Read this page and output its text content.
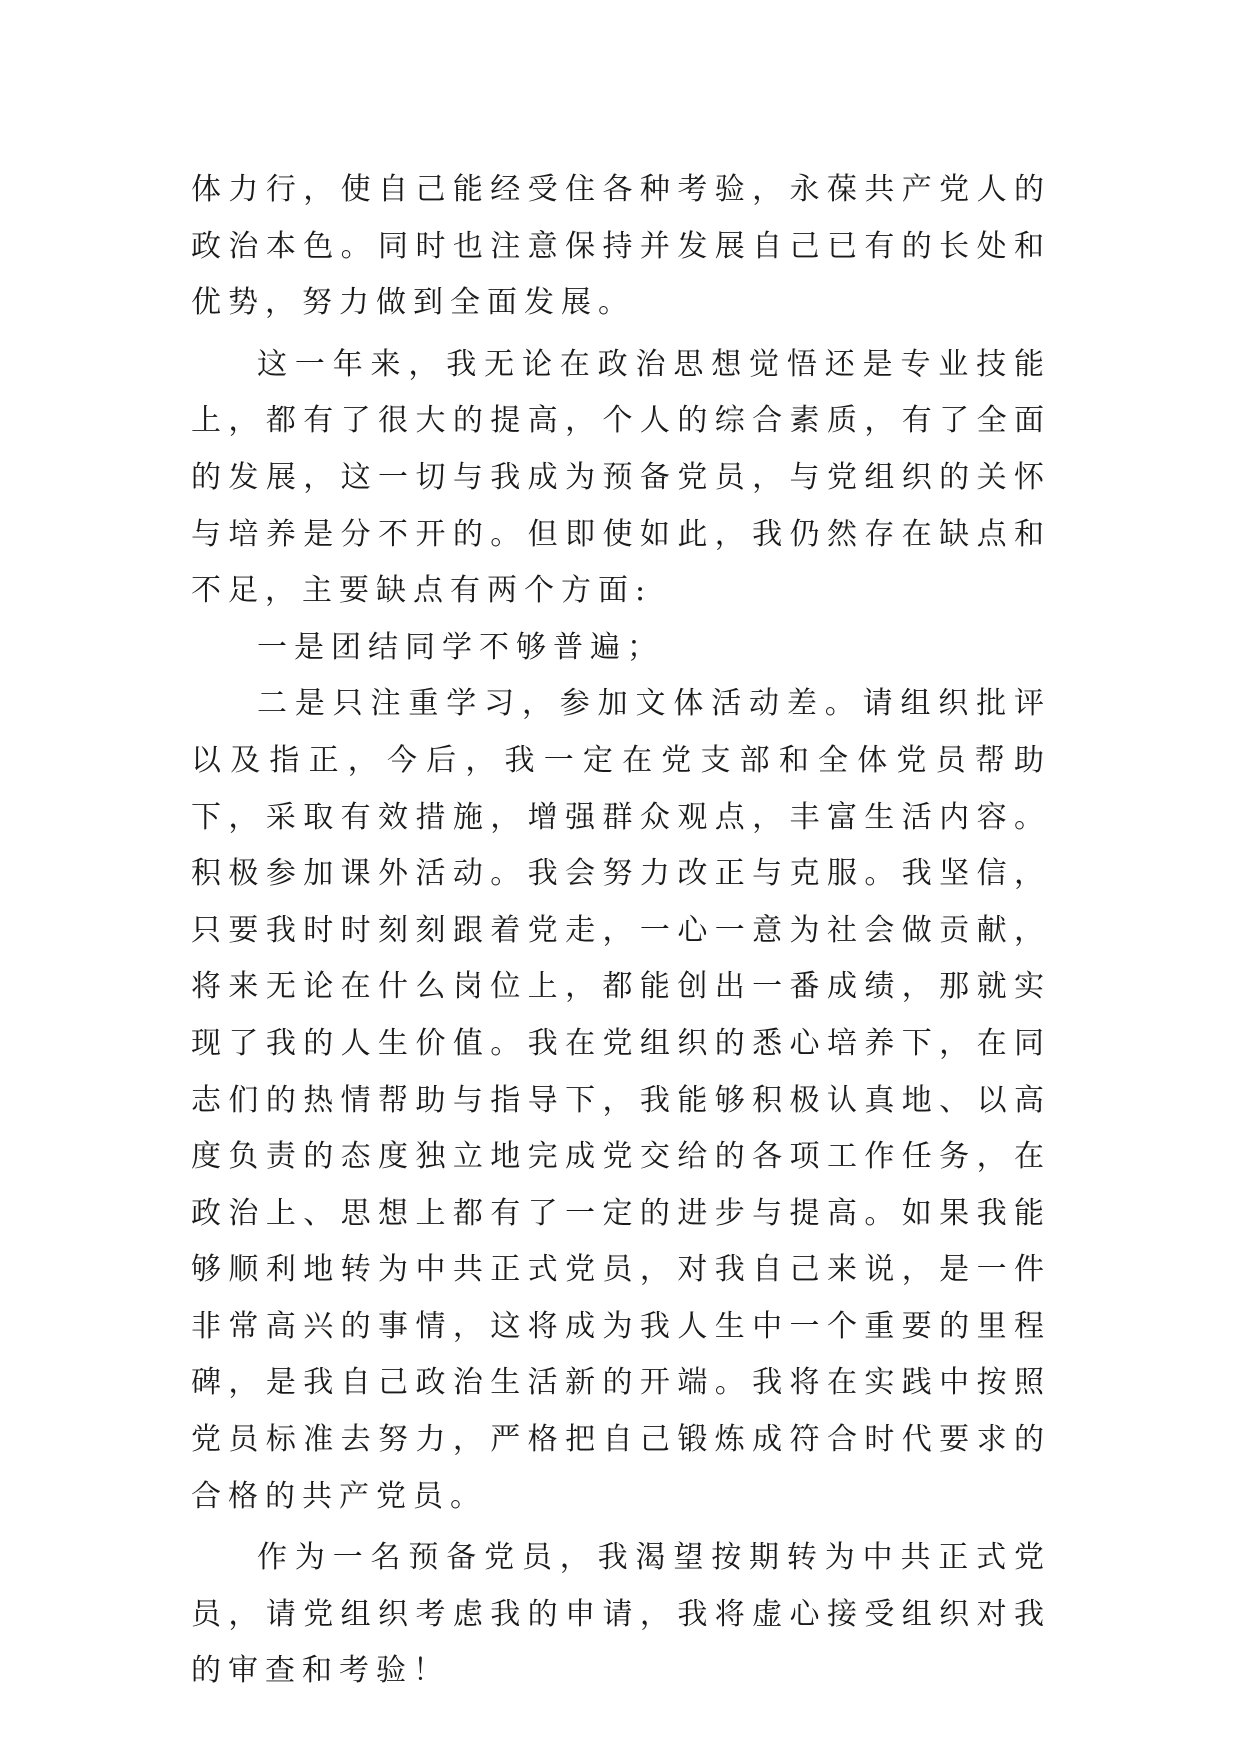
体力行，使自己能经受住各种考验，永葆共产党人的政治本色。同时也注意保持并发展自己已有的长处和优势，努力做到全面发展。

这一年来，我无论在政治思想觉悟还是专业技能上，都有了很大的提高，个人的综合素质，有了全面的发展，这一切与我成为预备党员，与党组织的关怀与培养是分不开的。但即使如此，我仍然存在缺点和不足，主要缺点有两个方面:

一是团结同学不够普遍；

二是只注重学习，参加文体活动差。请组织批评以及指正，今后，我一定在党支部和全体党员帮助下，采取有效措施，增强群众观点，丰富生活内容。积极参加课外活动。我会努力改正与克服。我坚信，只要我时时刻刻跟着党走，一心一意为社会做贡献，将来无论在什么岗位上，都能创出一番成绩，那就实现了我的人生价值。我在党组织的悉心培养下，在同志们的热情帮助与指导下，我能够积极认真地、以高度负责的态度独立地完成党交给的各项工作任务，在政治上、思想上都有了一定的进步与提高。如果我能够顺利地转为中共正式党员，对我自己来说，是一件非常高兴的事情，这将成为我人生中一个重要的里程碑，是我自己政治生活新的开端。我将在实践中按照党员标准去努力，严格把自己锻炼成符合时代要求的合格的共产党员。

作为一名预备党员，我渴望按期转为中共正式党员，请党组织考虑我的申请，我将虚心接受组织对我的审查和考验！
